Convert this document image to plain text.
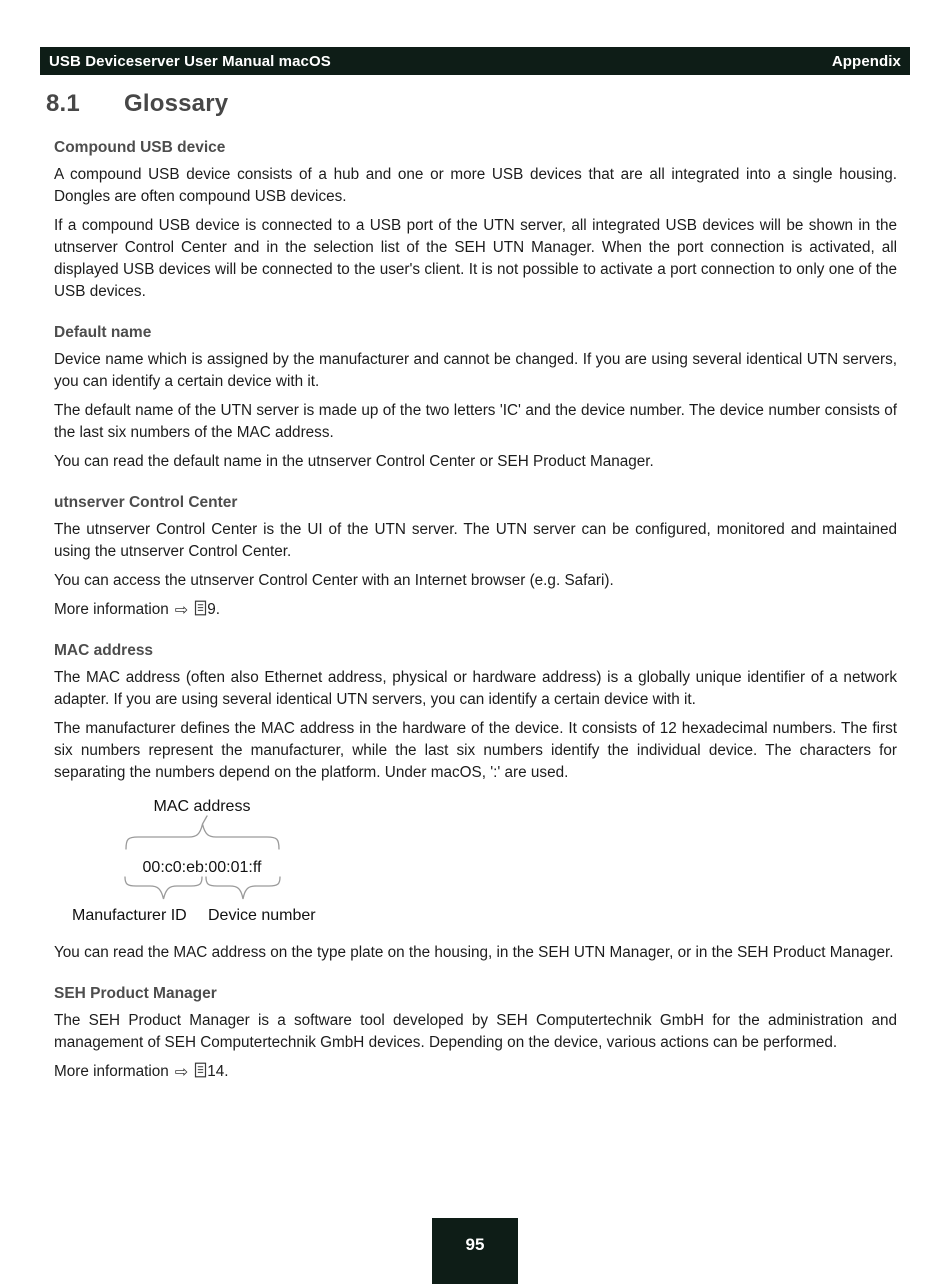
USB Deviceserver User Manual macOS	Appendix
8.1 Glossary
Compound USB device

A compound USB device consists of a hub and one or more USB devices that are all integrated into a single housing. Dongles are often compound USB devices.

If a compound USB device is connected to a USB port of the UTN server, all integrated USB devices will be shown in the utnserver Control Center and in the selection list of the SEH UTN Manager. When the port connection is activated, all displayed USB devices will be connected to the user's client. It is not possible to activate a port connection to only one of the USB devices.

Default name

Device name which is assigned by the manufacturer and cannot be changed. If you are using several identical UTN servers, you can identify a certain device with it.

The default name of the UTN server is made up of the two letters 'IC' and the device number. The device number consists of the last six numbers of the MAC address.

You can read the default name in the utnserver Control Center or SEH Product Manager.

utnserver Control Center

The utnserver Control Center is the UI of the UTN server. The UTN server can be configured, monitored and maintained using the utnserver Control Center.

You can access the utnserver Control Center with an Internet browser (e.g. Safari).

More information ⇨	9.

MAC address

The MAC address (often also Ethernet address, physical or hardware address) is a globally unique identifier of a network adapter. If you are using several identical UTN servers, you can identify a certain device with it.

The manufacturer defines the MAC address in the hardware of the device. It consists of 12 hexadecimal numbers. The first six numbers represent the manufacturer, while the last six numbers identify the individual device. The characters for separating the numbers depend on the platform. Under macOS, ':' are used.

MAC address
00:c0:eb:00:01:ff
Manufacturer ID Device number

You can read the MAC address on the type plate on the housing, in the SEH UTN Manager, or in the SEH Product Manager.

SEH Product Manager

The SEH Product Manager is a software tool developed by SEH Computertechnik GmbH for the administration and management of SEH Computertechnik GmbH devices. Depending on the device, various actions can be performed.

More information ⇨	14.

95
